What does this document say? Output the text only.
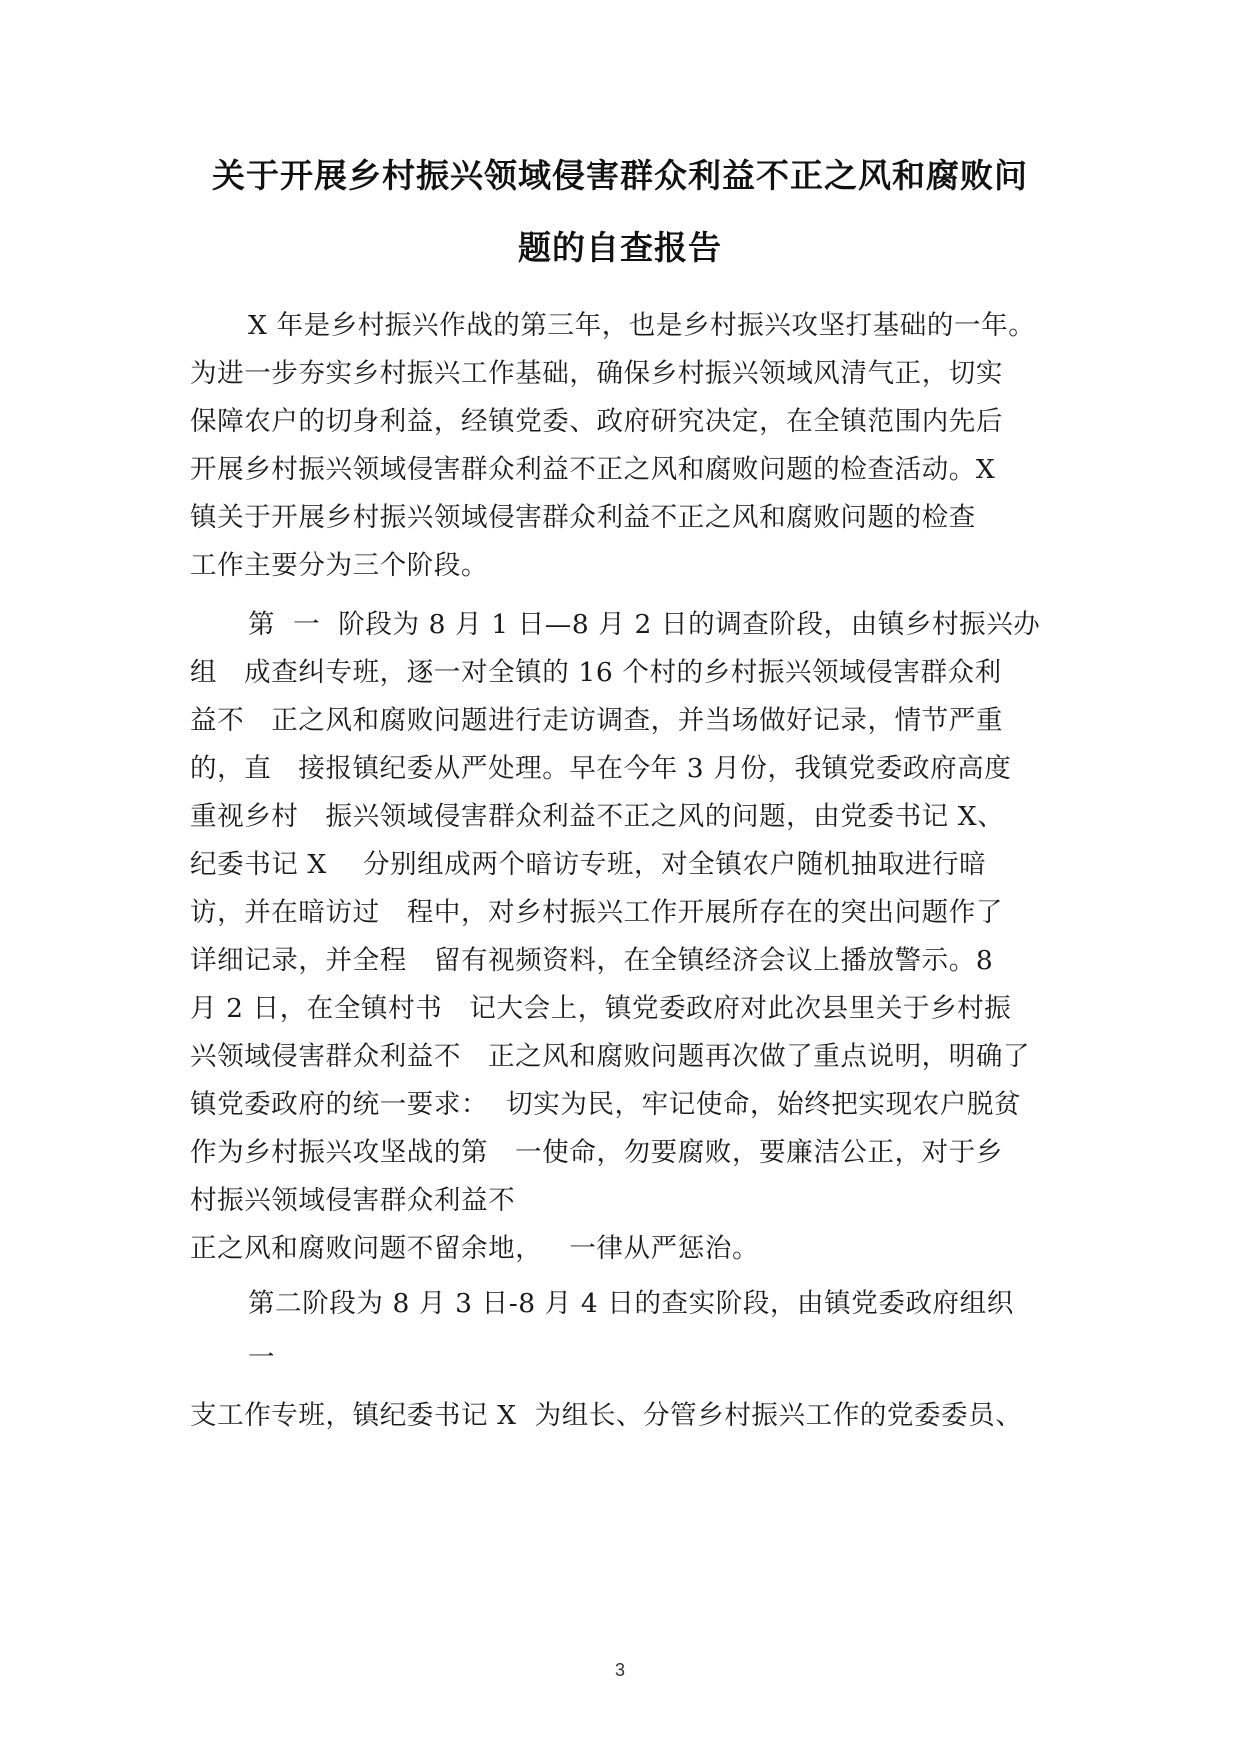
关于开展乡村振兴领域侵害群众利益不正之风和腐败问
题的自查报告
X 年是乡村振兴作战的第三年，也是乡村振兴攻坚打基础的一年。
为进一步夯实乡村振兴工作基础，确保乡村振兴领域风清气正，切实
保障农户的切身利益，经镇党委、政府研究决定，在全镇范围内先后
开展乡村振兴领域侵害群众利益不正之风和腐败问题的检查活动。X
镇关于开展乡村振兴领域侵害群众利益不正之风和腐败问题的检查
工作主要分为三个阶段。
第  一  阶段为 8 月 1 日—8 月 2 日的调查阶段，由镇乡村振兴办
组   成查纠专班，逐一对全镇的 16 个村的乡村振兴领域侵害群众利
益不   正之风和腐败问题进行走访调查，并当场做好记录，情节严重
的，直   接报镇纪委从严处理。早在今年 3 月份，我镇党委政府高度
重视乡村   振兴领域侵害群众利益不正之风的问题，由党委书记 X、
纪委书记 X    分别组成两个暗访专班，对全镇农户随机抽取进行暗
访，并在暗访过   程中，对乡村振兴工作开展所存在的突出问题作了
详细记录，并全程   留有视频资料，在全镇经济会议上播放警示。8
月 2 日，在全镇村书   记大会上，镇党委政府对此次县里关于乡村振
兴领域侵害群众利益不   正之风和腐败问题再次做了重点说明，明确了
镇党委政府的统一要求：  切实为民，牢记使命，始终把实现农户脱贫
作为乡村振兴攻坚战的第   一使命，勿要腐败，要廉洁公正，对于乡
村振兴领域侵害群众利益不
正之风和腐败问题不留余地，   一律从严惩治。
第二阶段为 8 月 3 日-8 月 4 日的查实阶段，由镇党委政府组织
一
支工作专班，镇纪委书记 X  为组长、分管乡村振兴工作的党委委员、
3
